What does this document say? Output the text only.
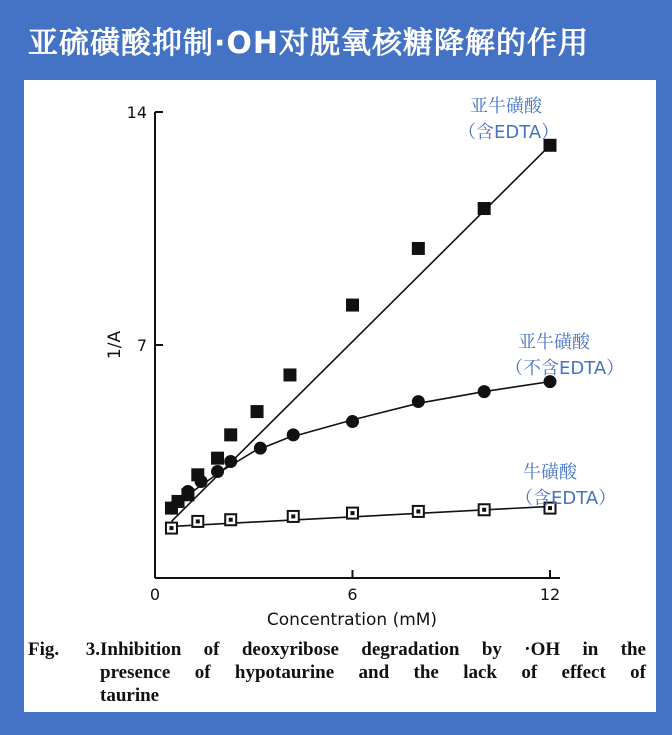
亚硫磺酸抑制·OH对脱氧核糖降解的作用
0	6	12
7
14
Concentration (mM)
1/A
亚牛磺酸
（含EDTA）
亚牛磺酸
（不含EDTA）
牛磺酸
（含EDTA）
Fig. 3.Inhibition of deoxyribose degradation by ·OH in the
presence of hypotaurine and the lack of effect of
taurine
